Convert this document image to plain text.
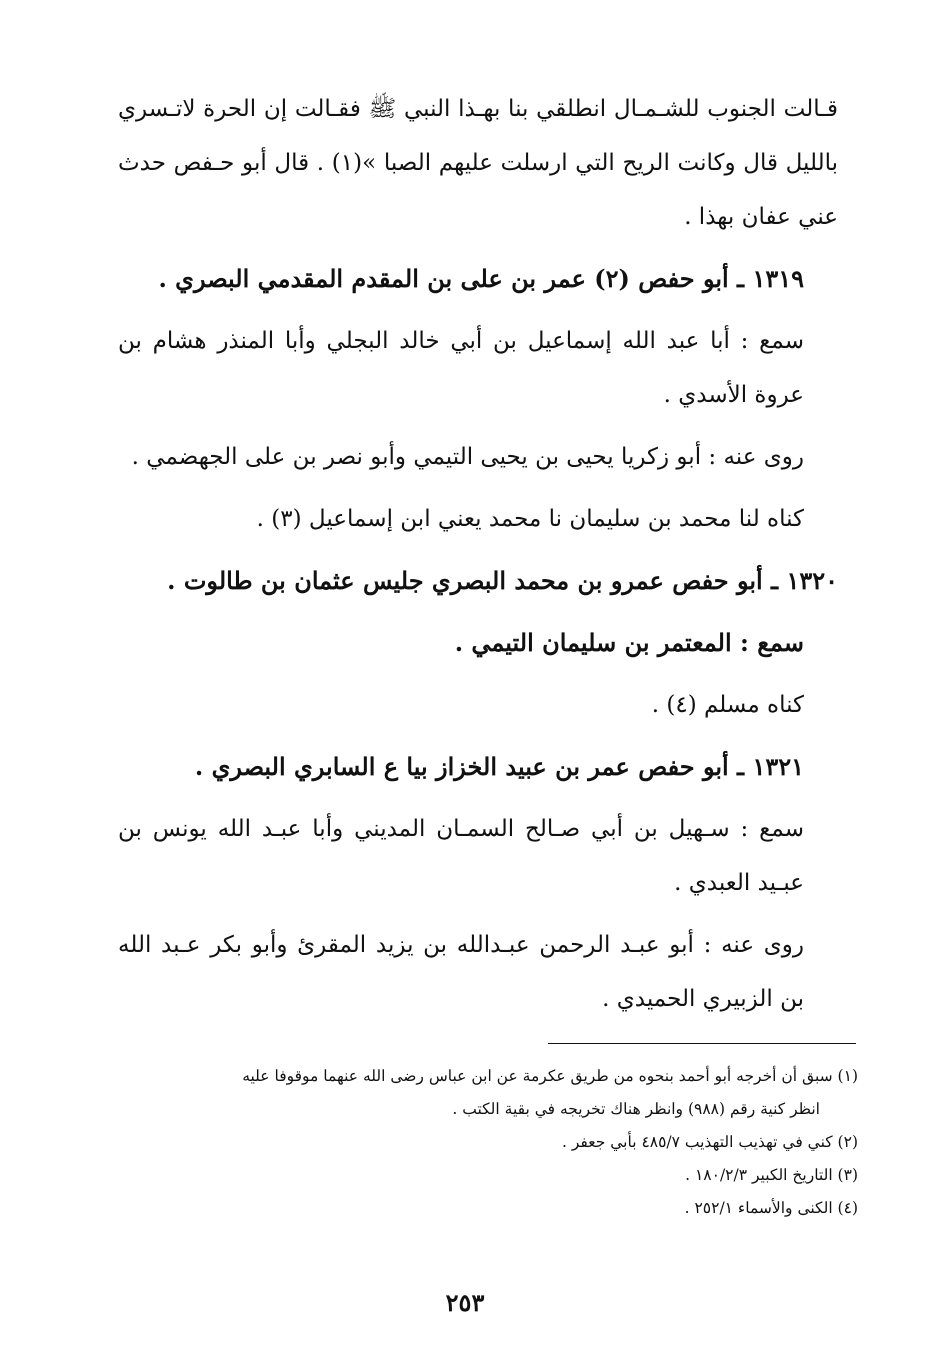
قـالت الجنوب للشـمـال انطلقي بنا بهـذا النبي ﷺ فقـالت إن الحرة لاتـسري بالليل قال وكانت الريح التي ارسلت عليهم الصبا »(١) . قال أبو حـفص حدث عني عفان بهذا .

١٣١٩ ـ أبو حفص (٢) عمر بن على بن المقدم المقدمي البصري .

سمع : أبا عبد الله إسماعيل بن أبي خالد البجلي وأبا المنذر هشام بن عروة الأسدي .

روى عنه : أبو زكريا يحيى بن يحيى التيمي وأبو نصر بن على الجهضمي .

كناه لنا محمد بن سليمان نا محمد يعني ابن إسماعيل (٣) .

١٣٢٠ ـ أبو حفص عمرو بن محمد البصري جليس عثمان بن طالوت .

سمع : المعتمر بن سليمان التيمي .

كناه مسلم (٤) .

١٣٢١ ـ أبو حفص عمر بن عبيد الخزاز بيا ع السابري البصري .

سمع : سـهيل بن أبي صـالح السمـان المديني وأبا عبـد الله يونس بن عبـيد العبدي .

روى عنه : أبو عبـد الرحمن عبـدالله بن يزيد المقرئ وأبو بكر عـبد الله بن الزبيري الحميدي .

(١) سبق أن أخرجه أبو أحمد بنحوه من طريق عكرمة عن ابن عباس رضى الله عنهما موقوفا عليه

انظر كنية رقم (٩٨٨) وانظر هناك تخريجه في بقية الكتب .

(٢) كني في تهذيب التهذيب ٤٨٥/٧ بأبي جعفر .

(٣) التاريخ الكبير ١٨٠/٢/٣ .

(٤) الكنى والأسماء ٢٥٢/١ .

٢٥٣
